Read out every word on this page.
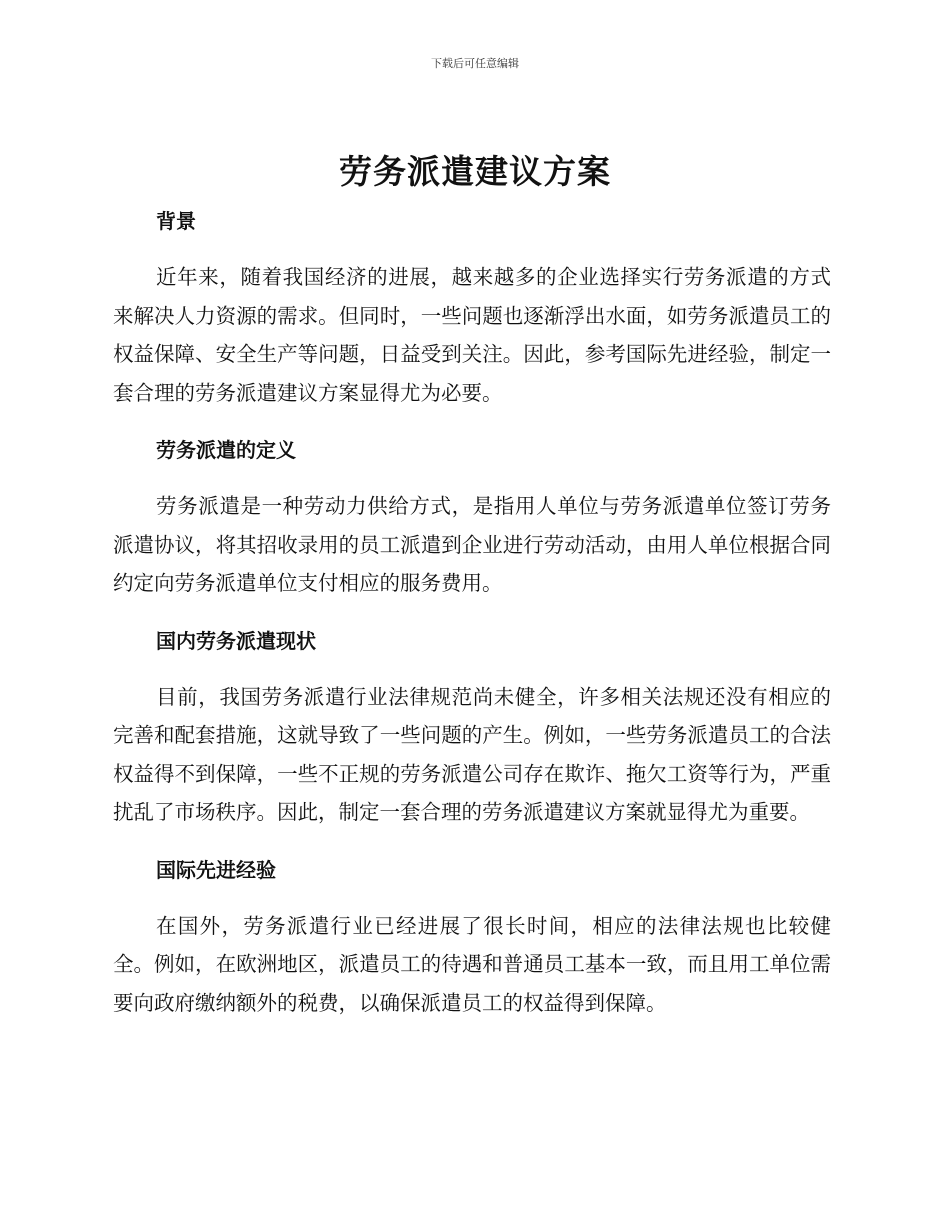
下载后可任意编辑
劳务派遣建议方案
背景

近年来，随着我国经济的进展，越来越多的企业选择实行劳务派遣的方式来解决人力资源的需求。但同时，一些问题也逐渐浮出水面，如劳务派遣员工的权益保障、安全生产等问题，日益受到关注。因此，参考国际先进经验，制定一套合理的劳务派遣建议方案显得尤为必要。

劳务派遣的定义

劳务派遣是一种劳动力供给方式，是指用人单位与劳务派遣单位签订劳务派遣协议，将其招收录用的员工派遣到企业进行劳动活动，由用人单位根据合同约定向劳务派遣单位支付相应的服务费用。

国内劳务派遣现状

目前，我国劳务派遣行业法律规范尚未健全，许多相关法规还没有相应的完善和配套措施，这就导致了一些问题的产生。例如，一些劳务派遣员工的合法权益得不到保障，一些不正规的劳务派遣公司存在欺诈、拖欠工资等行为，严重扰乱了市场秩序。因此，制定一套合理的劳务派遣建议方案就显得尤为重要。

国际先进经验

在国外，劳务派遣行业已经进展了很长时间，相应的法律法规也比较健全。例如，在欧洲地区，派遣员工的待遇和普通员工基本一致，而且用工单位需要向政府缴纳额外的税费，以确保派遣员工的权益得到保障。
